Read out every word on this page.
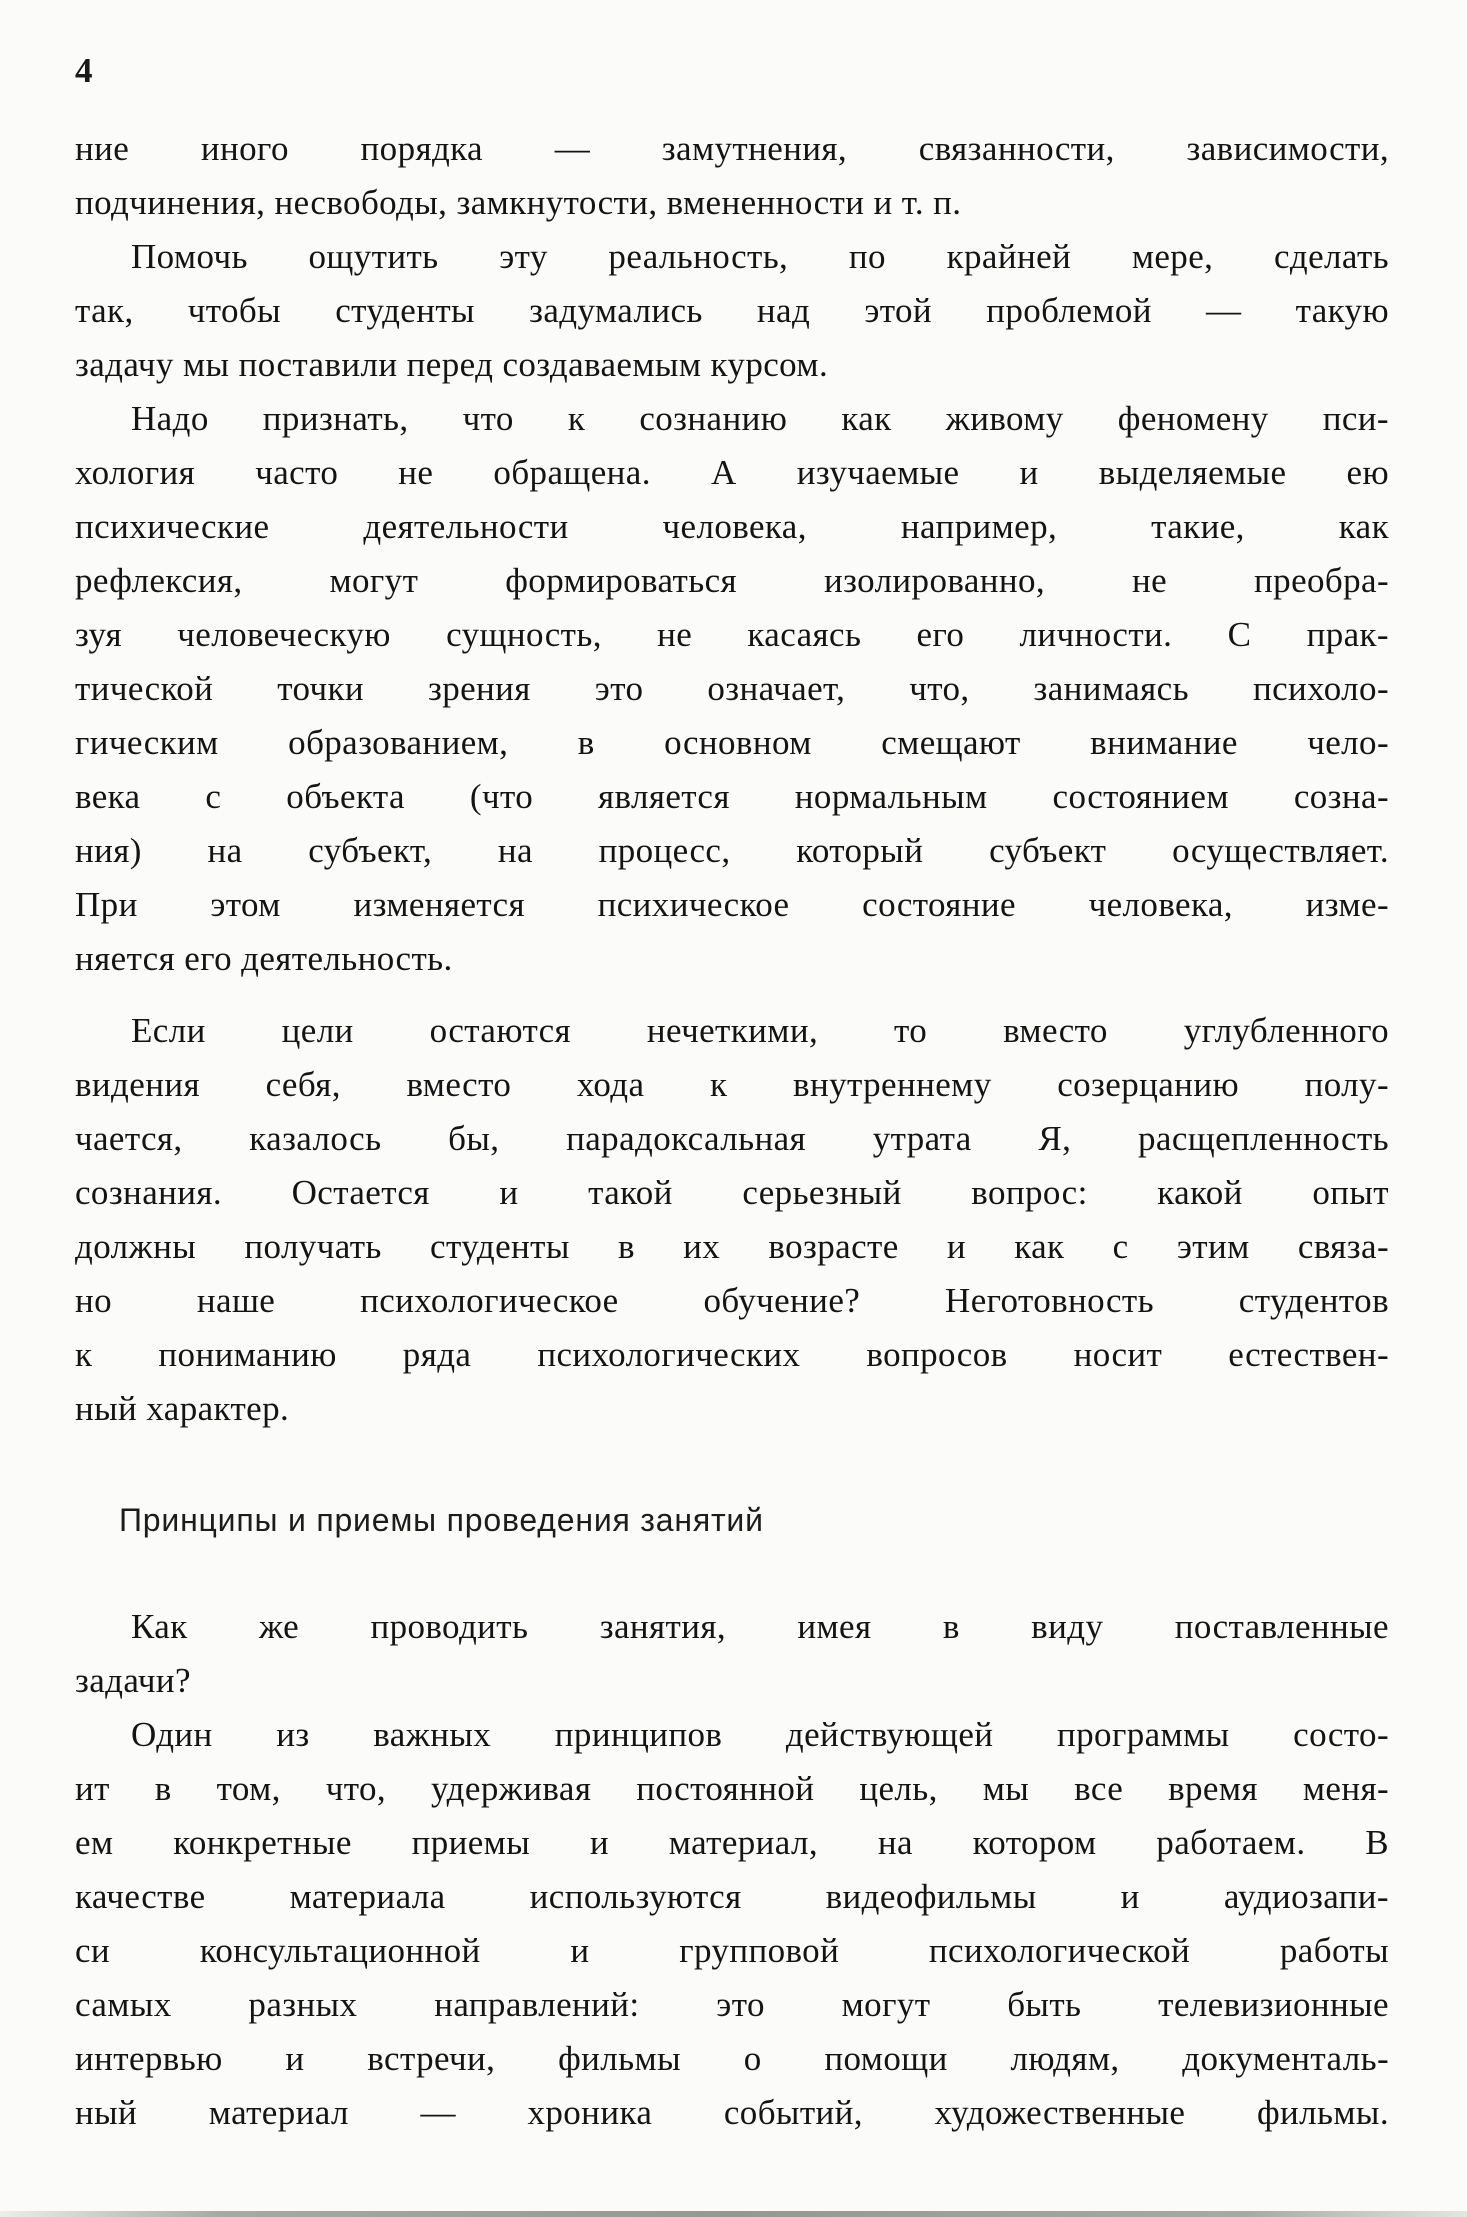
4
ние иного порядка — замутнения, связанности, зависимости,
подчинения, несвободы, замкнутости, вмененности и т. п.
Помочь ощутить эту реальность, по крайней мере, сделать
так, чтобы студенты задумались над этой проблемой — такую
задачу мы поставили перед создаваемым курсом.
Надо признать, что к сознанию как живому феномену пси-
хология часто не обращена. А изучаемые и выделяемые ею
психические деятельности человека, например, такие, как
рефлексия, могут формироваться изолированно, не преобра-
зуя человеческую сущность, не касаясь его личности. С прак-
тической точки зрения это означает, что, занимаясь психоло-
гическим образованием, в основном смещают внимание чело-
века с объекта (что является нормальным состоянием созна-
ния) на субъект, на процесс, который субъект осуществляет.
При этом изменяется психическое состояние человека, изме-
няется его деятельность.
Если цели остаются нечеткими, то вместо углубленного
видения себя, вместо хода к внутреннему созерцанию полу-
чается, казалось бы, парадоксальная утрата Я, расщепленность
сознания. Остается и такой серьезный вопрос: какой опыт
должны получать студенты в их возрасте и как с этим связа-
но наше психологическое обучение? Неготовность студентов
к пониманию ряда психологических вопросов носит естествен-
ный характер.
Принципы и приемы проведения занятий
Как же проводить занятия, имея в виду поставленные
задачи?
Один из важных принципов действующей программы состо-
ит в том, что, удерживая постоянной цель, мы все время меня-
ем конкретные приемы и материал, на котором работаем. В
качестве материала используются видеофильмы и аудиозапи-
си консультационной и групповой психологической работы
самых разных направлений: это могут быть телевизионные
интервью и встречи, фильмы о помощи людям, документаль-
ный материал — хроника событий, художественные фильмы.
